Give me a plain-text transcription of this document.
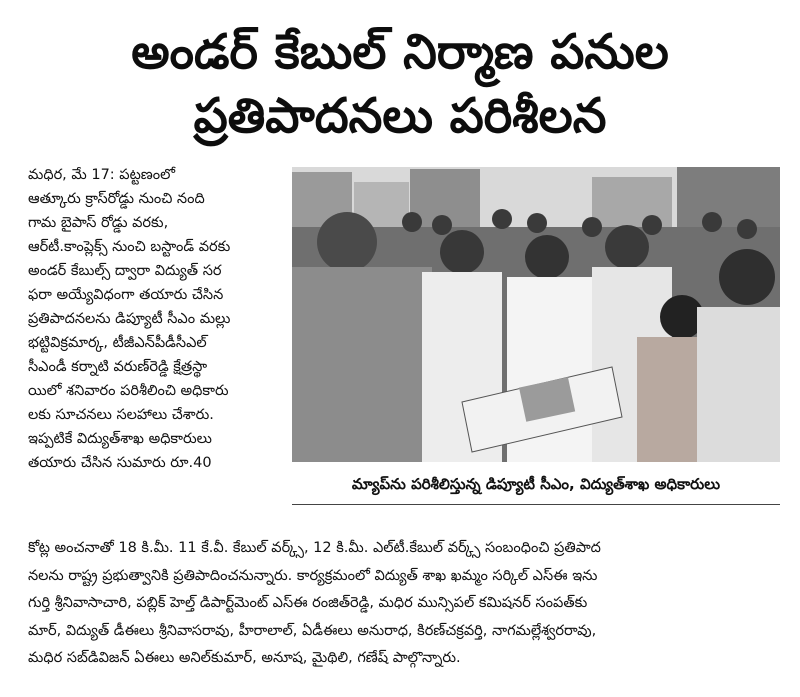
అండర్ కేబుల్ నిర్మాణ పనుల
ప్రతిపాదనలు పరిశీలన

మధిర, మే 17: పట్టణంలో

ఆత్కూరు క్రాస్‌రోడ్డు నుంచి నంది

గామ బైపాస్ రోడ్డు వరకు,

ఆర్‌టీ.కాంప్లెక్స్ నుంచి బస్టాండ్ వరకు

అండర్ కేబుల్స్ ద్వారా విద్యుత్ సర

ఫరా అయ్యేవిధంగా తయారు చేసిన

ప్రతిపాదనలను డిప్యూటీ సీఎం మల్లు

భట్టివిక్రమార్క, టీజీఎన్‌పీడీసీఎల్

సీఎండీ కర్నాటి వరుణ్‌రెడ్డి క్షేత్రస్థా

యిలో శనివారం పరిశీలించి అధికారు

లకు సూచనలు సలహాలు చేశారు.

ఇప్పటికే విద్యుత్‌శాఖ అధికారులు

తయారు చేసిన సుమారు రూ.40

మ్యాప్‌ను పరిశీలిస్తున్న డిప్యూటీ సీఎం, విద్యుత్‌శాఖ అధికారులు

కోట్ల అంచనాతో 18 కి.మీ. 11 కే.వీ. కేబుల్ వర్క్స్, 12 కి.మీ. ఎల్‌టీ.కేబుల్ వర్క్స్ సంబంధించి ప్రతిపాద

నలను రాష్ట్ర ప్రభుత్వానికి ప్రతిపాదించనున్నారు. కార్యక్రమంలో విద్యుత్ శాఖ ఖమ్మం సర్కిల్ ఎస్ఈ ఇను

గుర్తి శ్రీనివాసాచారి, పబ్లిక్ హెల్త్ డిపార్ట్‌మెంట్ ఎస్ఈ రంజిత్‌రెడ్డి, మధిర మున్సిపల్ కమిషనర్ సంపత్‌కు

మార్, విద్యుత్ డీఈలు శ్రీనివాసరావు, హీరాలాల్, ఏడీఈలు అనురాధ, కిరణ్‌చక్రవర్తి, నాగమల్లేశ్వరరావు,

మధిర సబ్‌డివిజన్ ఏఈలు అనిల్‌కుమార్, అనూష, మైథిలి, గణేష్ పాల్గొన్నారు.
